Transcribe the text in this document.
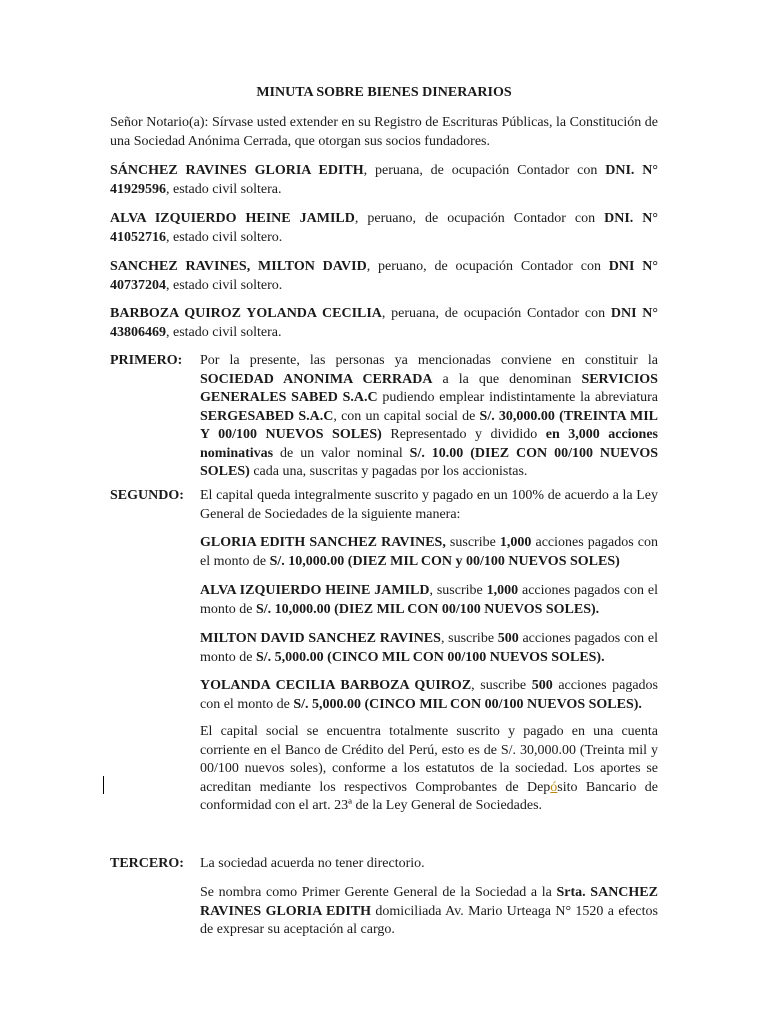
MINUTA SOBRE BIENES DINERARIOS
Señor Notario(a): Sírvase usted extender en su Registro de Escrituras Públicas, la Constitución de una Sociedad Anónima Cerrada, que otorgan sus socios fundadores.
SÁNCHEZ RAVINES GLORIA EDITH, peruana, de ocupación Contador con DNI. N° 41929596, estado civil soltera.
ALVA IZQUIERDO HEINE JAMILD, peruano, de ocupación Contador con DNI. N° 41052716, estado civil soltero.
SANCHEZ RAVINES, MILTON DAVID, peruano, de ocupación Contador con DNI N° 40737204, estado civil soltero.
BARBOZA QUIROZ YOLANDA CECILIA, peruana, de ocupación Contador con DNI N° 43806469, estado civil soltera.
PRIMERO: Por la presente, las personas ya mencionadas conviene en constituir la SOCIEDAD ANONIMA CERRADA a la que denominan SERVICIOS GENERALES SABED S.A.C pudiendo emplear indistintamente la abreviatura SERGESABED S.A.C, con un capital social de S/. 30,000.00 (TREINTA MIL Y 00/100 NUEVOS SOLES) Representado y dividido en 3,000 acciones nominativas de un valor nominal S/. 10.00 (DIEZ CON 00/100 NUEVOS SOLES) cada una, suscritas y pagadas por los accionistas.
SEGUNDO: El capital queda integralmente suscrito y pagado en un 100% de acuerdo a la Ley General de Sociedades de la siguiente manera:
GLORIA EDITH SANCHEZ RAVINES, suscribe 1,000 acciones pagados con el monto de S/. 10,000.00 (DIEZ MIL CON y 00/100 NUEVOS SOLES)
ALVA IZQUIERDO HEINE JAMILD, suscribe 1,000 acciones pagados con el monto de S/. 10,000.00 (DIEZ MIL CON 00/100 NUEVOS SOLES).
MILTON DAVID SANCHEZ RAVINES, suscribe 500 acciones pagados con el monto de S/. 5,000.00 (CINCO MIL CON 00/100 NUEVOS SOLES).
YOLANDA CECILIA BARBOZA QUIROZ, suscribe 500 acciones pagados con el monto de S/. 5,000.00 (CINCO MIL CON 00/100 NUEVOS SOLES).
El capital social se encuentra totalmente suscrito y pagado en una cuenta corriente en el Banco de Crédito del Perú, esto es de S/. 30,000.00 (Treinta mil y 00/100 nuevos soles), conforme a los estatutos de la sociedad. Los aportes se acreditan mediante los respectivos Comprobantes de Depósito Bancario de conformidad con el art. 23ª de la Ley General de Sociedades.
TERCERO: La sociedad acuerda no tener directorio.
Se nombra como Primer Gerente General de la Sociedad a la Srta. SANCHEZ RAVINES GLORIA EDITH domiciliada Av. Mario Urteaga N° 1520 a efectos de expresar su aceptación al cargo.
